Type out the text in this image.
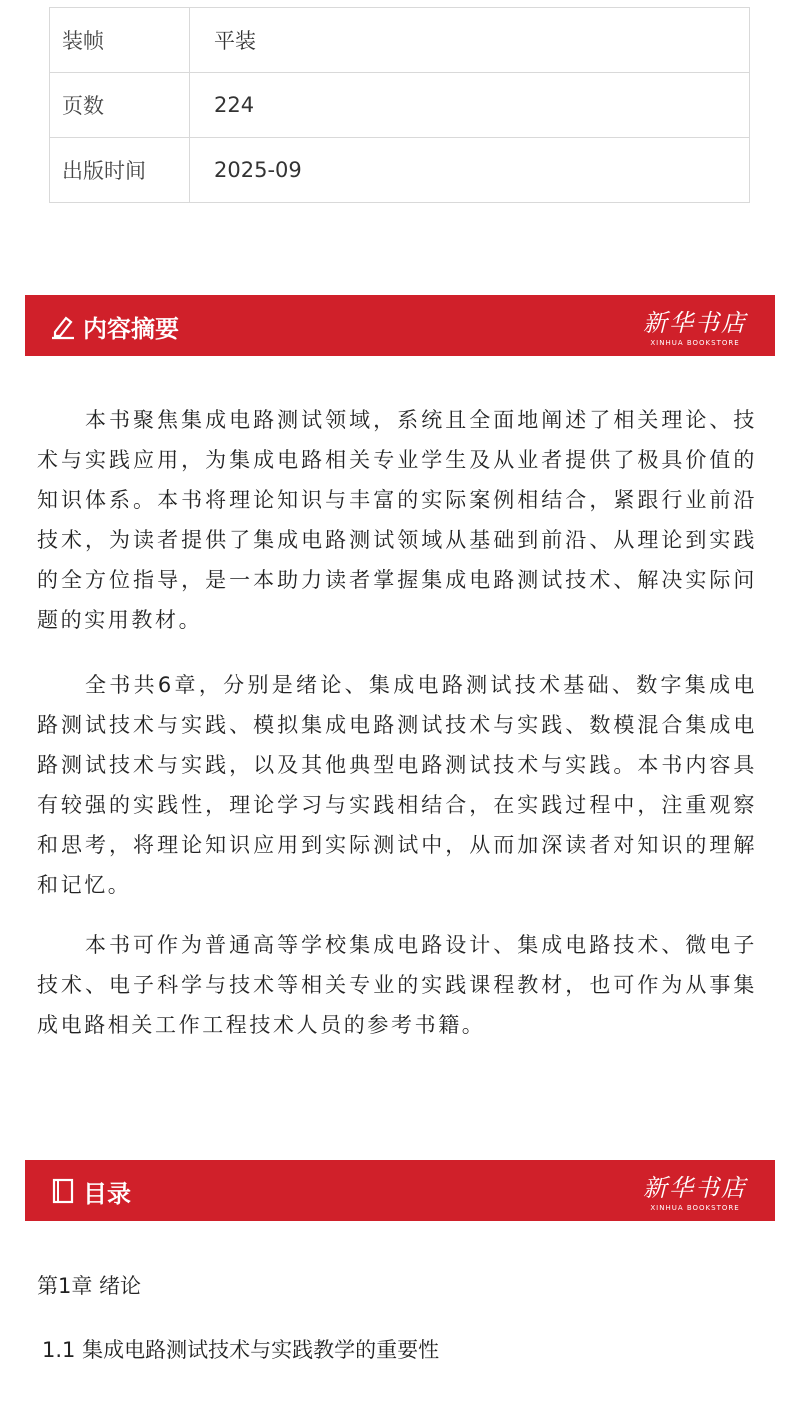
装帧	平装
页数	224
出版时间	2025-09
内容摘要	新华书店
XINHUA BOOKSTORE

本书聚焦集成电路测试领域，系统且全面地阐述了相关理论、技术与实践应用，为集成电路相关专业学生及从业者提供了极具价值的知识体系。本书将理论知识与丰富的实际案例相结合，紧跟行业前沿技术，为读者提供了集成电路测试领域从基础到前沿、从理论到实践的全方位指导，是一本助力读者掌握集成电路测试技术、解决实际问题的实用教材。

全书共6章，分别是绪论、集成电路测试技术基础、数字集成电路测试技术与实践、模拟集成电路测试技术与实践、数模混合集成电路测试技术与实践，以及其他典型电路测试技术与实践。本书内容具有较强的实践性，理论学习与实践相结合，在实践过程中，注重观察和思考，将理论知识应用到实际测试中，从而加深读者对知识的理解和记忆。

本书可作为普通高等学校集成电路设计、集成电路技术、微电子技术、电子科学与技术等相关专业的实践课程教材，也可作为从事集成电路相关工作工程技术人员的参考书籍。

目录	新华书店
XINHUA BOOKSTORE
第1章 绪论
1.1 集成电路测试技术与实践教学的重要性
